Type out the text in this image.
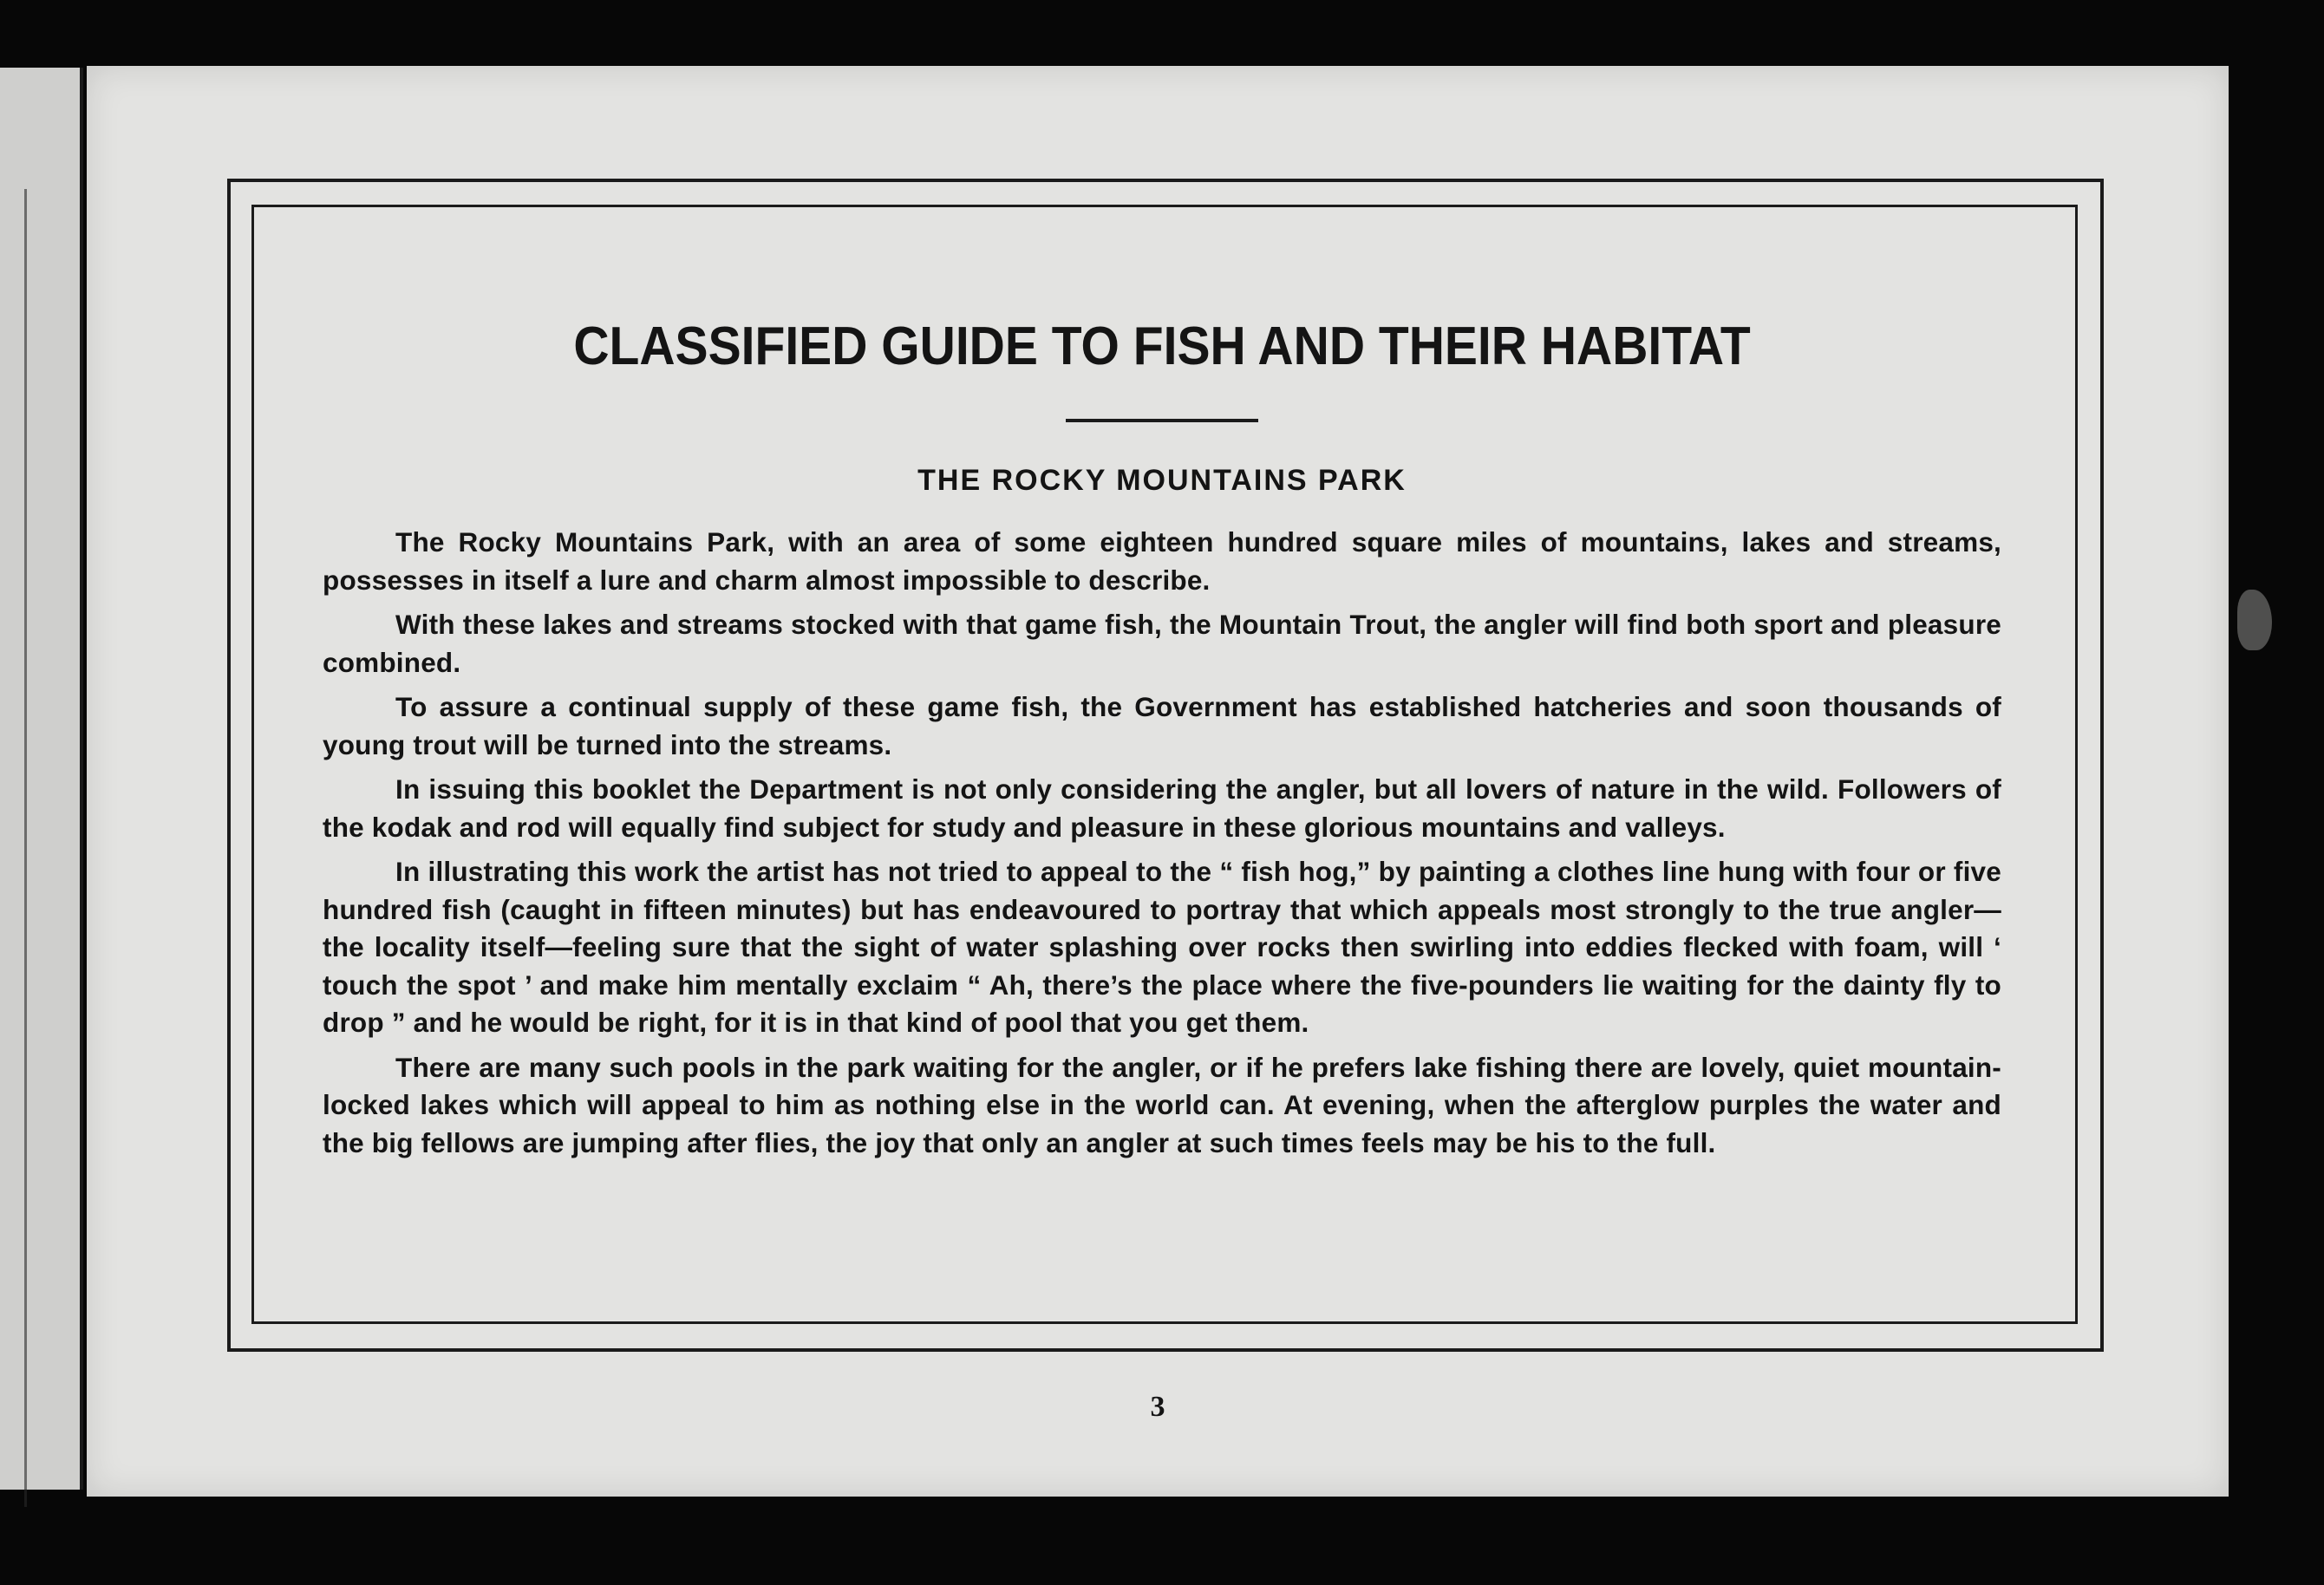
CLASSIFIED GUIDE TO FISH AND THEIR HABITAT
THE ROCKY MOUNTAINS PARK

The Rocky Mountains Park, with an area of some eighteen hundred square miles of mountains, lakes and streams, possesses in itself a lure and charm almost impossible to describe.

With these lakes and streams stocked with that game fish, the Mountain Trout, the angler will find both sport and pleasure combined.

To assure a continual supply of these game fish, the Government has established hatcheries and soon thousands of young trout will be turned into the streams.

In issuing this booklet the Department is not only considering the angler, but all lovers of nature in the wild. Followers of the kodak and rod will equally find subject for study and pleasure in these glorious mountains and valleys.

In illustrating this work the artist has not tried to appeal to the “ fish hog,” by painting a clothes line hung with four or five hundred fish (caught in fifteen minutes) but has endeavoured to portray that which appeals most strongly to the true angler—the locality itself—feeling sure that the sight of water splashing over rocks then swirling into eddies flecked with foam, will ‘ touch the spot ’ and make him mentally exclaim “ Ah, there’s the place where the five-pounders lie waiting for the dainty fly to drop ” and he would be right, for it is in that kind of pool that you get them.

There are many such pools in the park waiting for the angler, or if he prefers lake fishing there are lovely, quiet mountain-locked lakes which will appeal to him as nothing else in the world can. At evening, when the afterglow purples the water and the big fellows are jumping after flies, the joy that only an angler at such times feels may be his to the full.

3
